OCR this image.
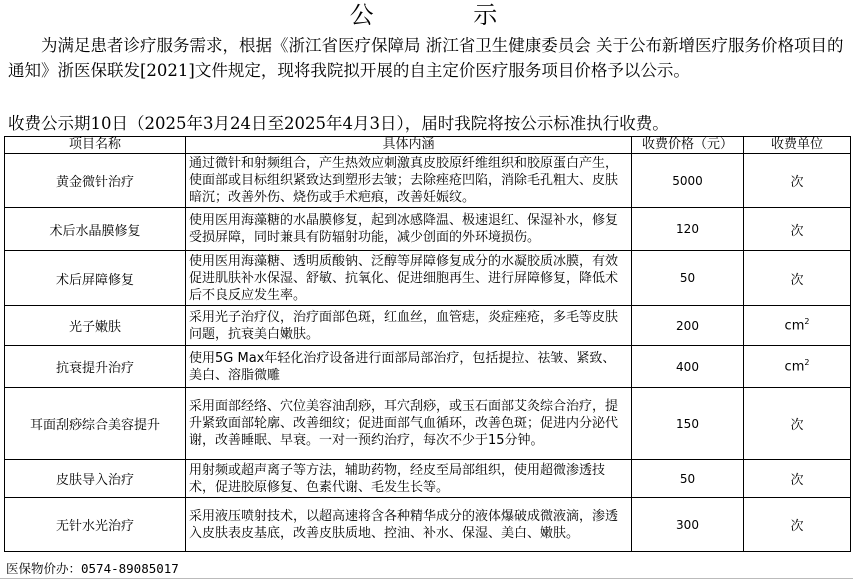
公 示

为满足患者诊疗服务需求，根据《浙江省医疗保障局 浙江省卫生健康委员会 关于公布新增医疗服务价格项目的通知》浙医保联发[2021]文件规定，现将我院拟开展的自主定价医疗服务项目价格予以公示。

收费公示期10日（2025年3月24日至2025年4月3日），届时我院将按公示标准执行收费。
项目名称	具体内涵	收费价格（元）	收费单位
黄金微针治疗	通过微针和射频组合，产生热效应刺激真皮胶原纤维组织和胶原蛋白产生，使面部或目标组织紧致达到塑形去皱；去除痤疮凹陷，消除毛孔粗大、皮肤暗沉；改善外伤、烧伤或手术疤痕，改善妊娠纹。	5000	次
术后水晶膜修复	使用医用海藻糖的水晶膜修复，起到冰感降温、极速退红、保湿补水，修复受损屏障，同时兼具有防辐射功能，减少创面的外环境损伤。	120	次
术后屏障修复	使用医用海藻糖、透明质酸钠、泛醇等屏障修复成分的水凝胶质冰膜，有效促进肌肤补水保湿、舒敏、抗氧化、促进细胞再生、进行屏障修复，降低术后不良反应发生率。	50	次
光子嫩肤	采用光子治疗仪，治疗面部色斑，红血丝，血管痣，炎症痤疮，多毛等皮肤问题，抗衰美白嫩肤。	200	$cm^2$
抗衰提升治疗	使用5G Max年轻化治疗设备进行面部局部治疗，包括提拉、祛皱、紧致、美白、溶脂微雕	400	$cm^2$
耳面刮痧综合美容提升	采用面部经络、穴位美容油刮痧，耳穴刮痧，或玉石面部艾灸综合治疗，提升紧致面部轮廓、改善细纹；促进面部气血循环，改善色斑；促进内分泌代谢，改善睡眠、早衰。一对一预约治疗，每次不少于15分钟。	150	次
皮肤导入治疗	用射频或超声离子等方法，辅助药物，经皮至局部组织，使用超微渗透技术，促进胶原修复、色素代谢、毛发生长等。	50	次
无针水光治疗	采用液压喷射技术，以超高速将含各种精华成分的液体爆破成微液滴，渗透入皮肤表皮基底，改善皮肤质地、控油、补水、保湿、美白、嫩肤。	300	次
医保物价办：0574-89085017
